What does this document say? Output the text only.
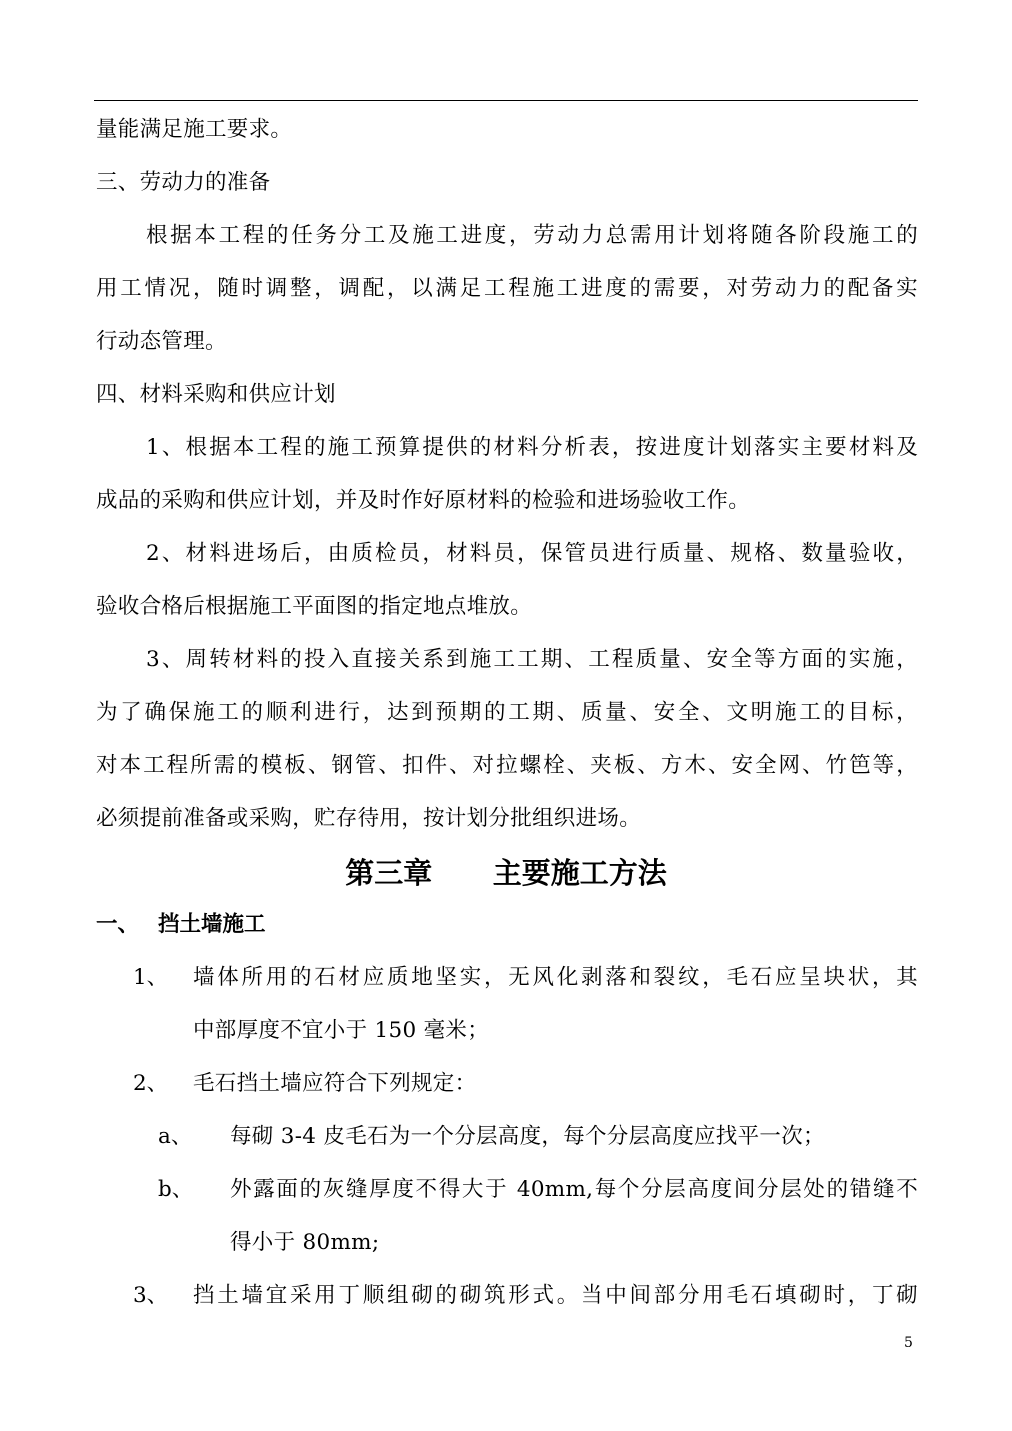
量能满足施工要求。
三、劳动力的准备
根据本工程的任务分工及施工进度，劳动力总需用计划将随各阶段施工的
用工情况，随时调整，调配，以满足工程施工进度的需要，对劳动力的配备实
行动态管理。
四、材料采购和供应计划
1、根据本工程的施工预算提供的材料分析表，按进度计划落实主要材料及
成品的采购和供应计划，并及时作好原材料的检验和进场验收工作。
2、材料进场后，由质检员，材料员，保管员进行质量、规格、数量验收，
验收合格后根据施工平面图的指定地点堆放。
3、周转材料的投入直接关系到施工工期、工程质量、安全等方面的实施，
为了确保施工的顺利进行，达到预期的工期、质量、安全、文明施工的目标，
对本工程所需的模板、钢管、扣件、对拉螺栓、夹板、方木、安全网、竹笆等，
必须提前准备或采购，贮存待用，按计划分批组织进场。
第三章      主要施工方法
一、 挡土墙施工
1、 墙体所用的石材应质地坚实，无风化剥落和裂纹，毛石应呈块状，其
中部厚度不宜小于 150 毫米；
2、 毛石挡土墙应符合下列规定：
a、 每砌 3-4 皮毛石为一个分层高度，每个分层高度应找平一次；
b、 外露面的灰缝厚度不得大于 40mm,每个分层高度间分层处的错缝不
得小于 80mm;
3、 挡土墙宜采用丁顺组砌的砌筑形式。当中间部分用毛石填砌时，丁砌
5
